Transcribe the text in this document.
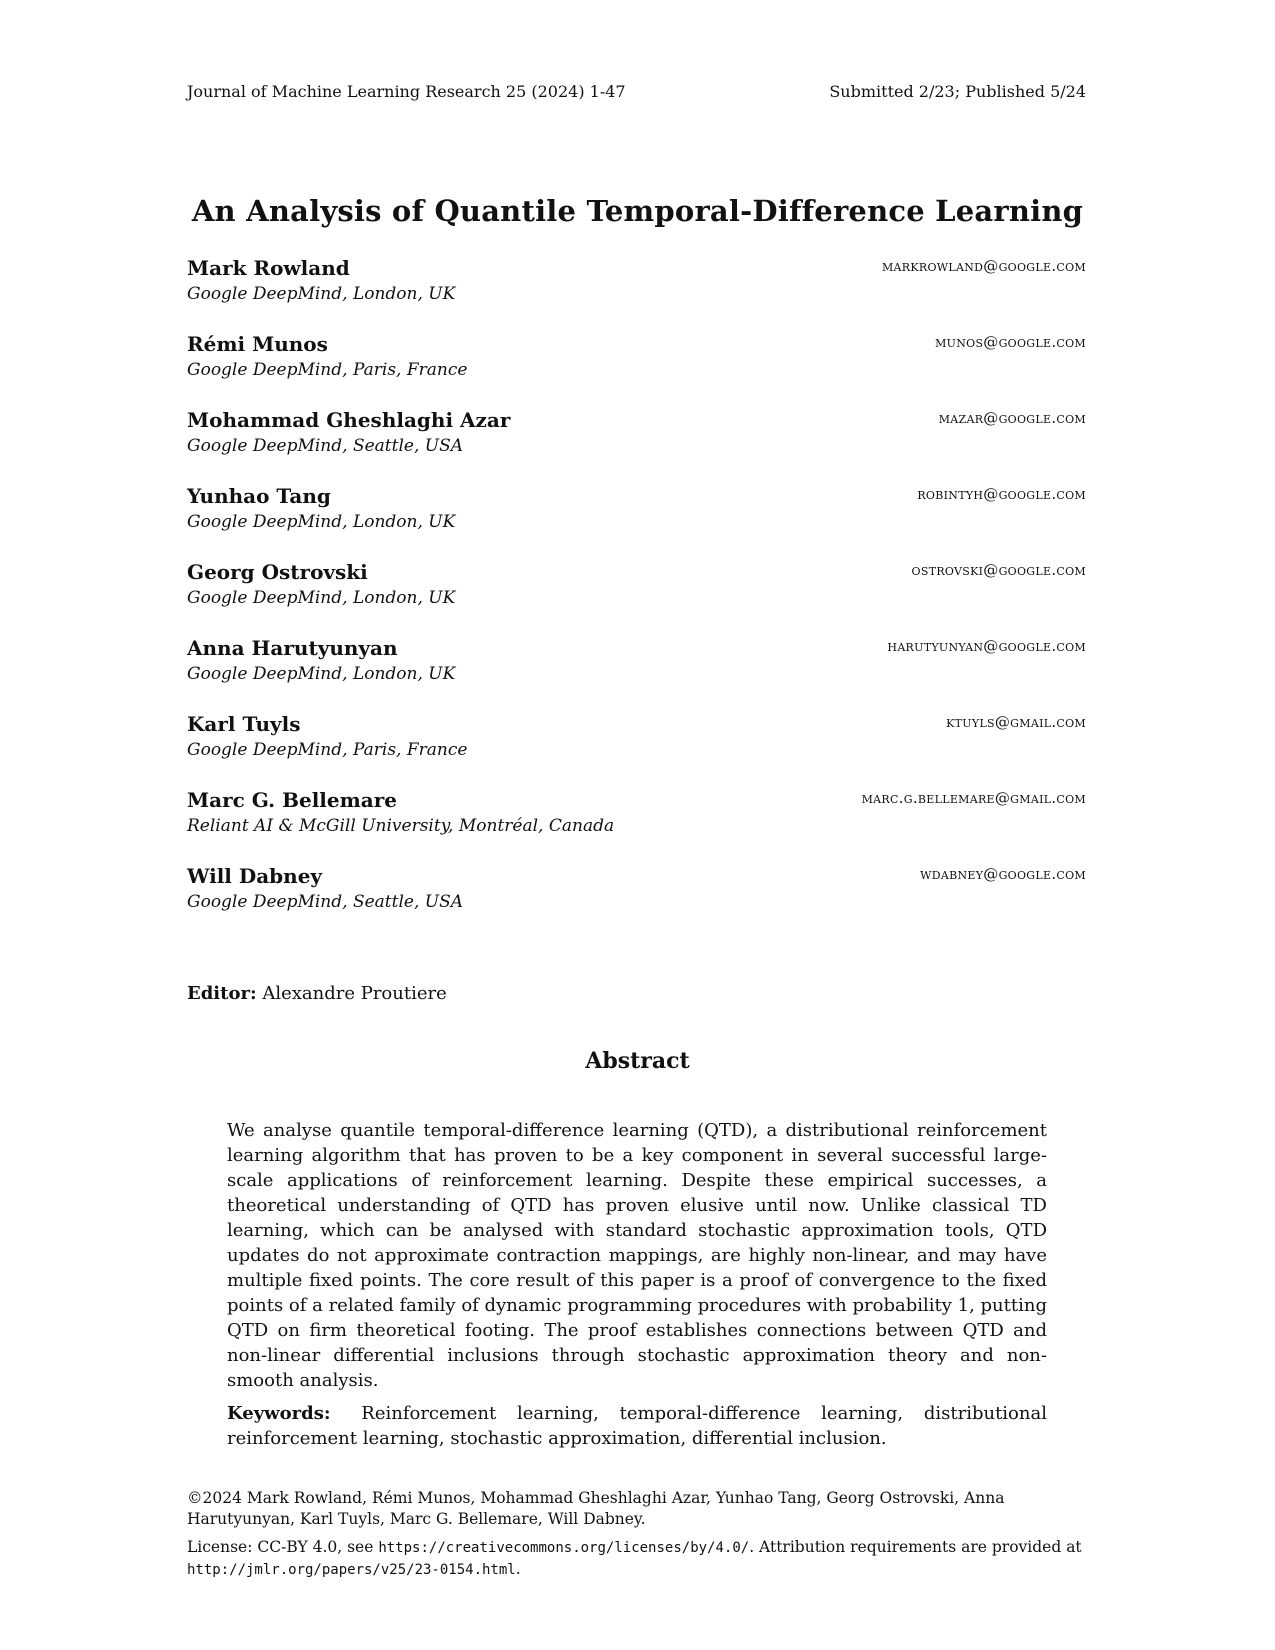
Journal of Machine Learning Research 25 (2024) 1-47	Submitted 2/23; Published 5/24
An Analysis of Quantile Temporal-Difference Learning
Mark Rowland
Google DeepMind, London, UK
markrowland@google.com
Rémi Munos
Google DeepMind, Paris, France
munos@google.com
Mohammad Gheshlaghi Azar
Google DeepMind, Seattle, USA
mazar@google.com
Yunhao Tang
Google DeepMind, London, UK
robintyh@google.com
Georg Ostrovski
Google DeepMind, London, UK
ostrovski@google.com
Anna Harutyunyan
Google DeepMind, London, UK
harutyunyan@google.com
Karl Tuyls
Google DeepMind, Paris, France
ktuyls@gmail.com
Marc G. Bellemare
Reliant AI & McGill University, Montréal, Canada
marc.g.bellemare@gmail.com
Will Dabney
Google DeepMind, Seattle, USA
wdabney@google.com
Editor: Alexandre Proutiere
Abstract
We analyse quantile temporal-difference learning (QTD), a distributional reinforcement learning algorithm that has proven to be a key component in several successful large-scale applications of reinforcement learning. Despite these empirical successes, a theoretical understanding of QTD has proven elusive until now. Unlike classical TD learning, which can be analysed with standard stochastic approximation tools, QTD updates do not approximate contraction mappings, are highly non-linear, and may have multiple fixed points. The core result of this paper is a proof of convergence to the fixed points of a related family of dynamic programming procedures with probability 1, putting QTD on firm theoretical footing. The proof establishes connections between QTD and non-linear differential inclusions through stochastic approximation theory and non-smooth analysis.
Keywords: Reinforcement learning, temporal-difference learning, distributional reinforcement learning, stochastic approximation, differential inclusion.
©2024 Mark Rowland, Rémi Munos, Mohammad Gheshlaghi Azar, Yunhao Tang, Georg Ostrovski, Anna Harutyunyan, Karl Tuyls, Marc G. Bellemare, Will Dabney.
License: CC-BY 4.0, see https://creativecommons.org/licenses/by/4.0/. Attribution requirements are provided at http://jmlr.org/papers/v25/23-0154.html.
